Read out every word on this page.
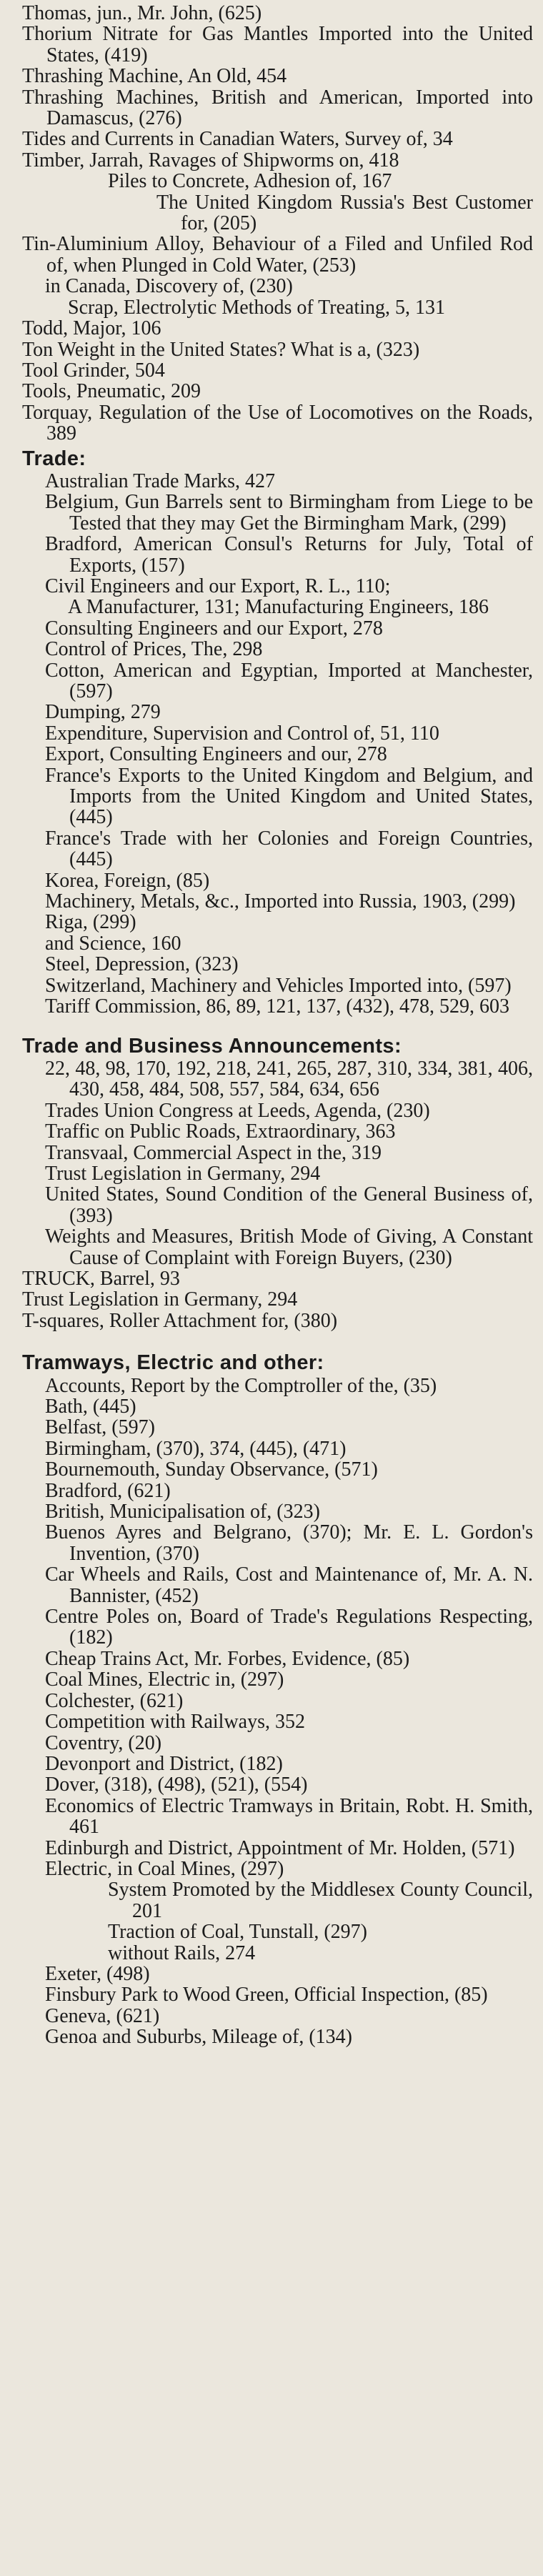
Thomas, jun., Mr. John, (625)

Thorium Nitrate for Gas Mantles Imported into the United States, (419)

Thrashing Machine, An Old, 454

Thrashing Machines, British and American, Imported into Damascus, (276)

Tides and Currents in Canadian Waters, Survey of, 34

Timber, Jarrah, Ravages of Shipworms on, 418

Piles to Concrete, Adhesion of, 167

The United Kingdom Russia's Best Customer for, (205)

Tin-Aluminium Alloy, Behaviour of a Filed and Unfiled Rod of, when Plunged in Cold Water, (253)

in Canada, Discovery of, (230)

Scrap, Electrolytic Methods of Treating, 5, 131

Todd, Major, 106

Ton Weight in the United States? What is a, (323)

Tool Grinder, 504

Tools, Pneumatic, 209

Torquay, Regulation of the Use of Locomotives on the Roads, 389

Trade:

Australian Trade Marks, 427

Belgium, Gun Barrels sent to Birmingham from Liege to be Tested that they may Get the Birmingham Mark, (299)

Bradford, American Consul's Returns for July, Total of Exports, (157)

Civil Engineers and our Export, R. L., 110;

A Manufacturer, 131; Manufacturing Engineers, 186

Consulting Engineers and our Export, 278

Control of Prices, The, 298

Cotton, American and Egyptian, Imported at Manchester, (597)

Dumping, 279

Expenditure, Supervision and Control of, 51, 110

Export, Consulting Engineers and our, 278

France's Exports to the United Kingdom and Belgium, and Imports from the United Kingdom and United States, (445)

France's Trade with her Colonies and Foreign Countries, (445)

Korea, Foreign, (85)

Machinery, Metals, &c., Imported into Russia, 1903, (299)

Riga, (299)

and Science, 160

Steel, Depression, (323)

Switzerland, Machinery and Vehicles Imported into, (597)

Tariff Commission, 86, 89, 121, 137, (432), 478, 529, 603

Trade and Business Announcements:

22, 48, 98, 170, 192, 218, 241, 265, 287, 310, 334, 381, 406, 430, 458, 484, 508, 557, 584, 634, 656

Trades Union Congress at Leeds, Agenda, (230)

Traffic on Public Roads, Extraordinary, 363

Transvaal, Commercial Aspect in the, 319

Trust Legislation in Germany, 294

United States, Sound Condition of the General Business of, (393)

Weights and Measures, British Mode of Giving, A Constant Cause of Complaint with Foreign Buyers, (230)

TRUCK, Barrel, 93

Trust Legislation in Germany, 294

T-squares, Roller Attachment for, (380)

Tramways, Electric and other:

Accounts, Report by the Comptroller of the, (35)

Bath, (445)

Belfast, (597)

Birmingham, (370), 374, (445), (471)

Bournemouth, Sunday Observance, (571)

Bradford, (621)

British, Municipalisation of, (323)

Buenos Ayres and Belgrano, (370); Mr. E. L. Gordon's Invention, (370)

Car Wheels and Rails, Cost and Maintenance of, Mr. A. N. Bannister, (452)

Centre Poles on, Board of Trade's Regulations Respecting, (182)

Cheap Trains Act, Mr. Forbes, Evidence, (85)

Coal Mines, Electric in, (297)

Colchester, (621)

Competition with Railways, 352

Coventry, (20)

Devonport and District, (182)

Dover, (318), (498), (521), (554)

Economics of Electric Tramways in Britain, Robt. H. Smith, 461

Edinburgh and District, Appointment of Mr. Holden, (571)

Electric, in Coal Mines, (297)

System Promoted by the Middlesex County Council, 201

Traction of Coal, Tunstall, (297)

without Rails, 274

Exeter, (498)

Finsbury Park to Wood Green, Official Inspection, (85)

Geneva, (621)

Genoa and Suburbs, Mileage of, (134)
